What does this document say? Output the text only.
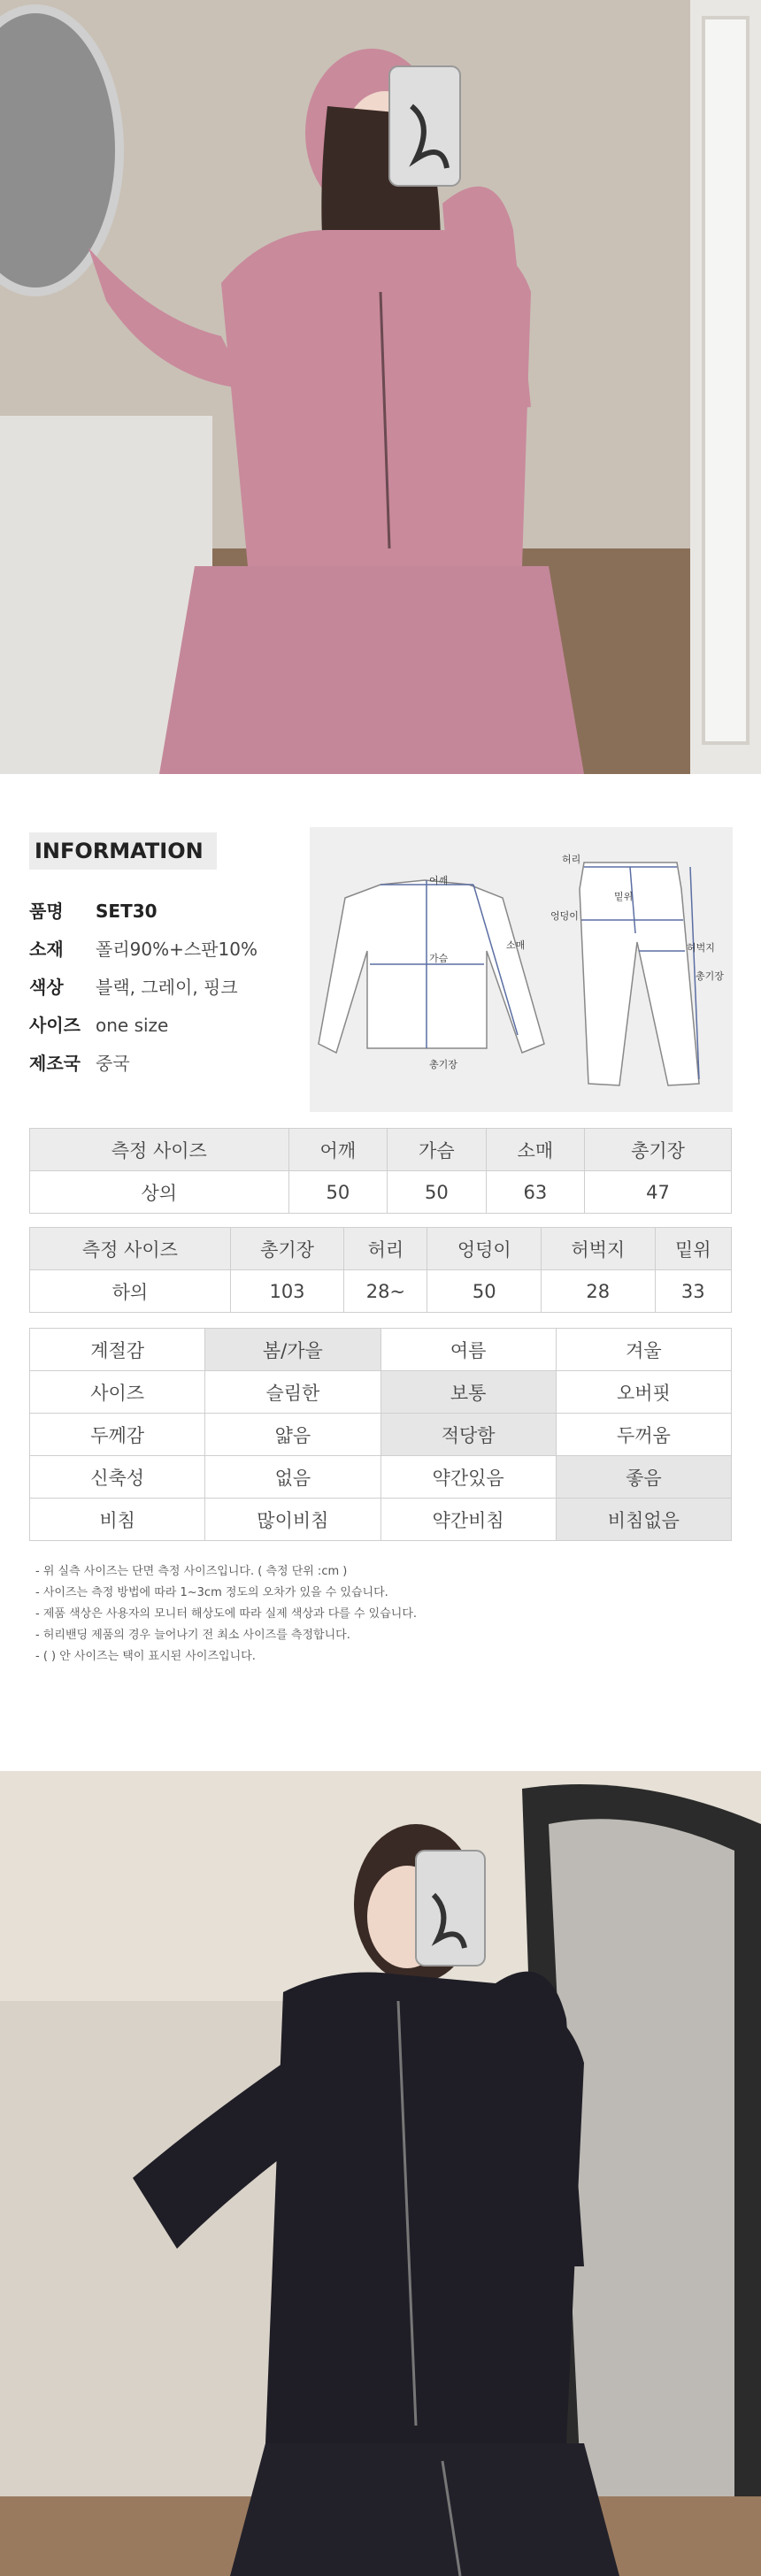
INFORMATION
품명 SET30
소재 폴리90%+스판10%
색상 블랙, 그레이, 핑크
사이즈 one size
제조국 중국
어깨
가슴
소매
총기장
허리
밑위
엉덩이
허벅지
총기장
측정 사이즈	어깨	가슴	소매	총기장
상의	50	50	63	47
측정 사이즈	총기장	허리	엉덩이	허벅지	밑위
하의	103	28~	50	28	33
계절감	봄/가을	여름	겨울
사이즈	슬림한	보통	오버핏
두께감	얇음	적당함	두꺼움
신축성	없음	약간있음	좋음
비침	많이비침	약간비침	비침없음
- 위 실측 사이즈는 단면 측정 사이즈입니다. ( 측정 단위 :cm )
- 사이즈는 측정 방법에 따라 1~3cm 정도의 오차가 있을 수 있습니다.
- 제품 색상은 사용자의 모니터 해상도에 따라 실제 색상과 다를 수 있습니다.
- 허리밴딩 제품의 경우 늘어나기 전 최소 사이즈를 측정합니다.
- ( ) 안 사이즈는 택이 표시된 사이즈입니다.
